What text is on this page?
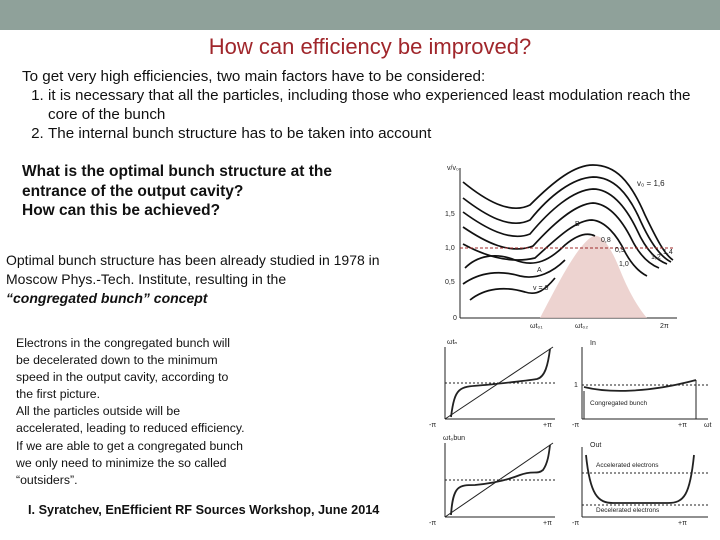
How can efficiency be improved?
To get very high efficiencies, two main factors have to be considered:
1. it is necessary that all the particles, including those who experienced least modulation reach the core of the bunch
2. The internal bunch structure has to be taken into account
What is the optimal bunch structure at the
entrance of the output cavity?
How can this be achieved?
Optimal bunch structure has been already studied in 1978 in Moscow Phys.-Tech. Institute, resulting in the
“congregated bunch” concept
Electrons in the congregated bunch will
be decelerated down to the minimum
speed in the output cavity, according to
the first picture.
All the particles outside will be
accelerated, leading to reduced efficiency.
If we are able to get a congregated bunch
we only need to minimize the so called
“outsiders”.
I. Syratchev, EnEfficient RF Sources Workshop, June 2014
v/v₀
1,5
1,0
0,5
0
v₀ = 1,6
B
0,8
0,9
1,0
1,2
1,4
A
v = 0
ωt₀₁	ωt₀₂	2π
ωtₙ
ωt₀bun
-π	+π
-π	+π
In
1
Congregated bunch
-π	+π ωt
Out
Accelerated electrons
Decelerated electrons
-π	+π
